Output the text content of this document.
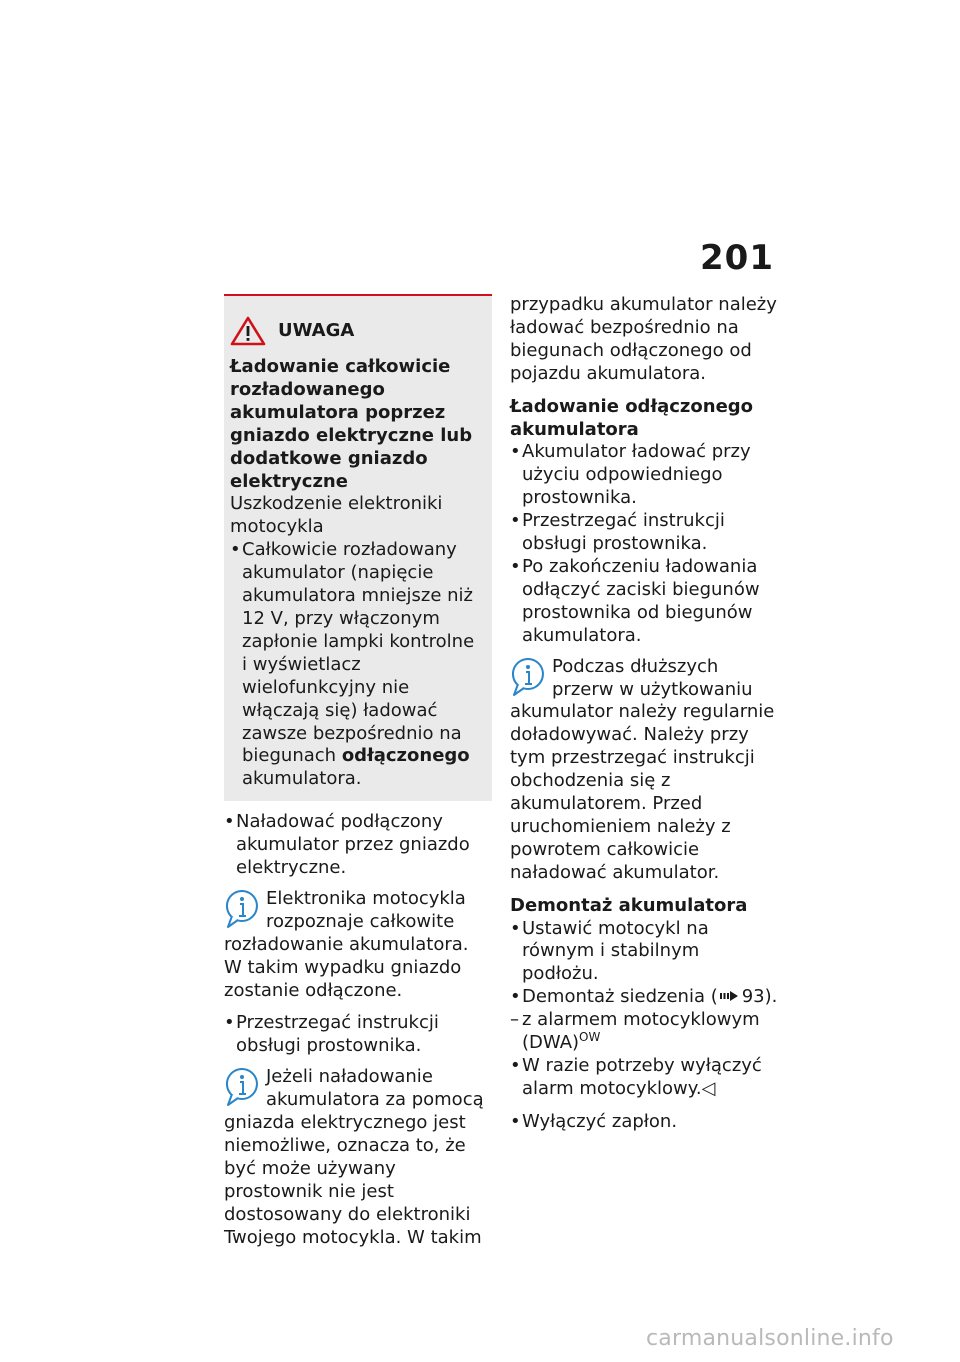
201
UWAGA

Ładowanie całkowicie rozładowanego akumulatora poprzez gniazdo elektryczne lub dodatkowe gniazdo elektryczne

Uszkodzenie elektroniki motocykla

• Całkowicie rozładowany akumulator (napięcie akumulatora mniejsze niż 12 V, przy włączonym zapłonie lampki kontrolne i wyświetlacz wielofunkcyjny nie włączają się) ładować zawsze bezpośrednio na biegunach odłączonego akumulatora.
• Naładować podłączony akumulator przez gniazdo elektryczne.
Elektronika motocykla rozpoznaje całkowite rozładowanie akumulatora. W takim wypadku gniazdo zostanie odłączone.
• Przestrzegać instrukcji obsługi prostownika.
Jeżeli naładowanie akumulatora za pomocą gniazda elektrycznego jest niemożliwe, oznacza to, że być może używany prostownik nie jest dostosowany do elektroniki Twojego motocykla. W takim

przypadku akumulator należy ładować bezpośrednio na biegunach odłączonego od pojazdu akumulatora.

Ładowanie odłączonego akumulatora

• Akumulator ładować przy użyciu odpowiedniego prostownika.
• Przestrzegać instrukcji obsługi prostownika.
• Po zakończeniu ładowania odłączyć zaciski biegunów prostownika od biegunów akumulatora.
Podczas dłuższych przerw w użytkowaniu akumulator należy regularnie doładowywać. Należy przy tym przestrzegać instrukcji obchodzenia się z akumulatorem. Przed uruchomieniem należy z powrotem całkowicie naładować akumulator.

Demontaż akumulatora

• Ustawić motocykl na równym i stabilnym podłożu.
• Demontaż siedzenia ( 93).
– z alarmem motocyklowym (DWA)$^{OW}$
• W razie potrzeby wyłączyć alarm motocyklowy.◁
• Wyłączyć zapłon.
carmanualsonline.info
